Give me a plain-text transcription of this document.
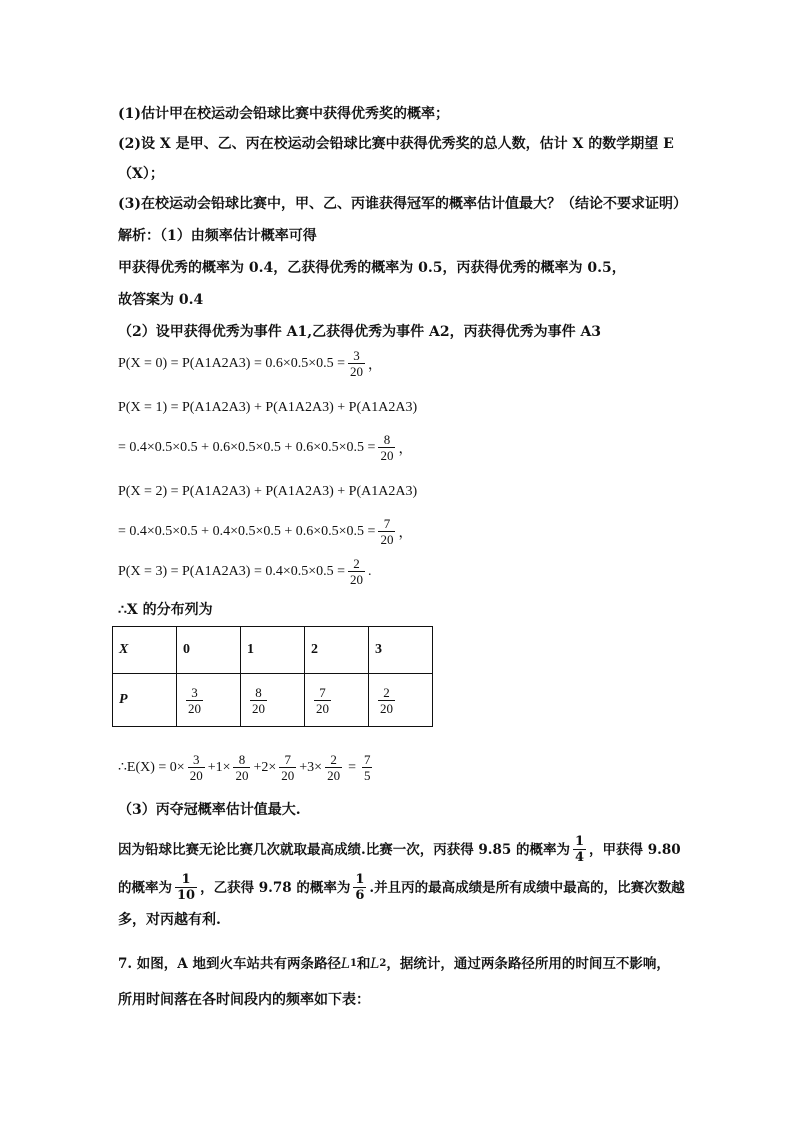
(1)估计甲在校运动会铅球比赛中获得优秀奖的概率；
(2)设 X 是甲、乙、丙在校运动会铅球比赛中获得优秀奖的总人数，估计 X 的数学期望 E
（X）；
(3)在校运动会铅球比赛中，甲、乙、丙谁获得冠军的概率估计值最大？（结论不要求证明）
解析：（1）由频率估计概率可得
甲获得优秀的概率为 0.4，乙获得优秀的概率为 0.5，丙获得优秀的概率为 0.5，
故答案为 0.4
（2）设甲获得优秀为事件 A1,乙获得优秀为事件 A2，丙获得优秀为事件 A3
$P(X = 0) = P(A1A2A3) = 0.6\times 0.5\times 0.5 = \frac{3}{20}$ ，
P(X = 1) = P(A1A2A3) + P(A1A2A3) + P(A1A2A3)
= $0.4\times 0.5\times 0.5 + 0.6\times 0.5\times 0.5 + 0.6\times 0.5\times 0.5 = \frac{8}{20}$ ，
P(X = 2) = P(A1A2A3) + P(A1A2A3) + P(A1A2A3)
= $0.4\times 0.5\times 0.5 + 0.4\times 0.5\times 0.5 + 0.6\times 0.5\times 0.5 = \frac{7}{20}$ ，
$P(X = 3) = P(A1A2A3) = 0.4\times 0.5\times 0.5 = \frac{2}{20}$ .
∴X 的分布列为
X	0	1	2	3
P	$\frac{3}{20}$	$\frac{8}{20}$	$\frac{7}{20}$	$\frac{2}{20}$
∴E(X) = $0\times \frac{3}{20} +1\times \frac{8}{20} +2\times \frac{7}{20} +3\times \frac{2}{20} = \frac{7}{5}$
（3）丙夺冠概率估计值最大.
因为铅球比赛无论比赛几次就取最高成绩.比赛一次，丙获得 9.85 的概率为 $\frac{1}{4}$ ，甲获得 9.80
的概率为 $\frac{1}{10}$ ，乙获得 9.78 的概率为 $\frac{1}{6}$ .并且丙的最高成绩是所有成绩中最高的，比赛次数越
多，对丙越有利.
7. 如图，A 地到火车站共有两条路径 L 1 和 L 2 ，据统计，通过两条路径所用的时间互不影响，
所用时间落在各时间段内的频率如下表：
